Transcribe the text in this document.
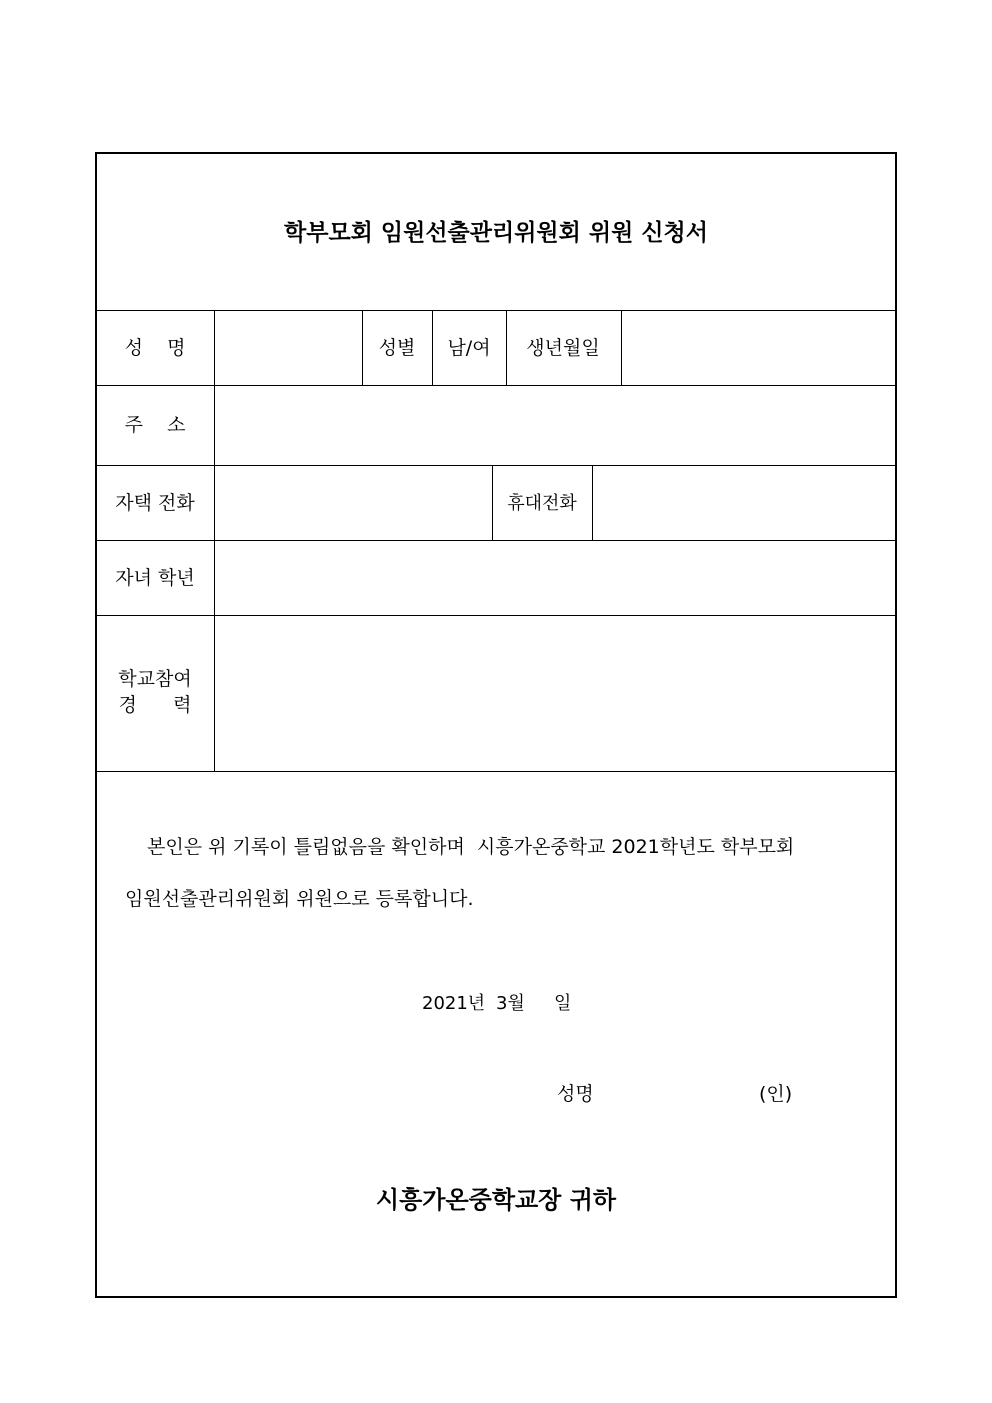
학부모회 임원선출관리위원회 위원 신청서
성    명	성별 남/여 생년월일
주    소
자택 전화	휴대전화
자녀 학년
학교참여
경      력
본인은 위 기록이 틀림없음을 확인하며  시흥가온중학교 2021학년도 학부모회
임원선출관리위원회 위원으로 등록합니다.
2021년 3월 일
성명	(인)
시흥가온중학교장 귀하
